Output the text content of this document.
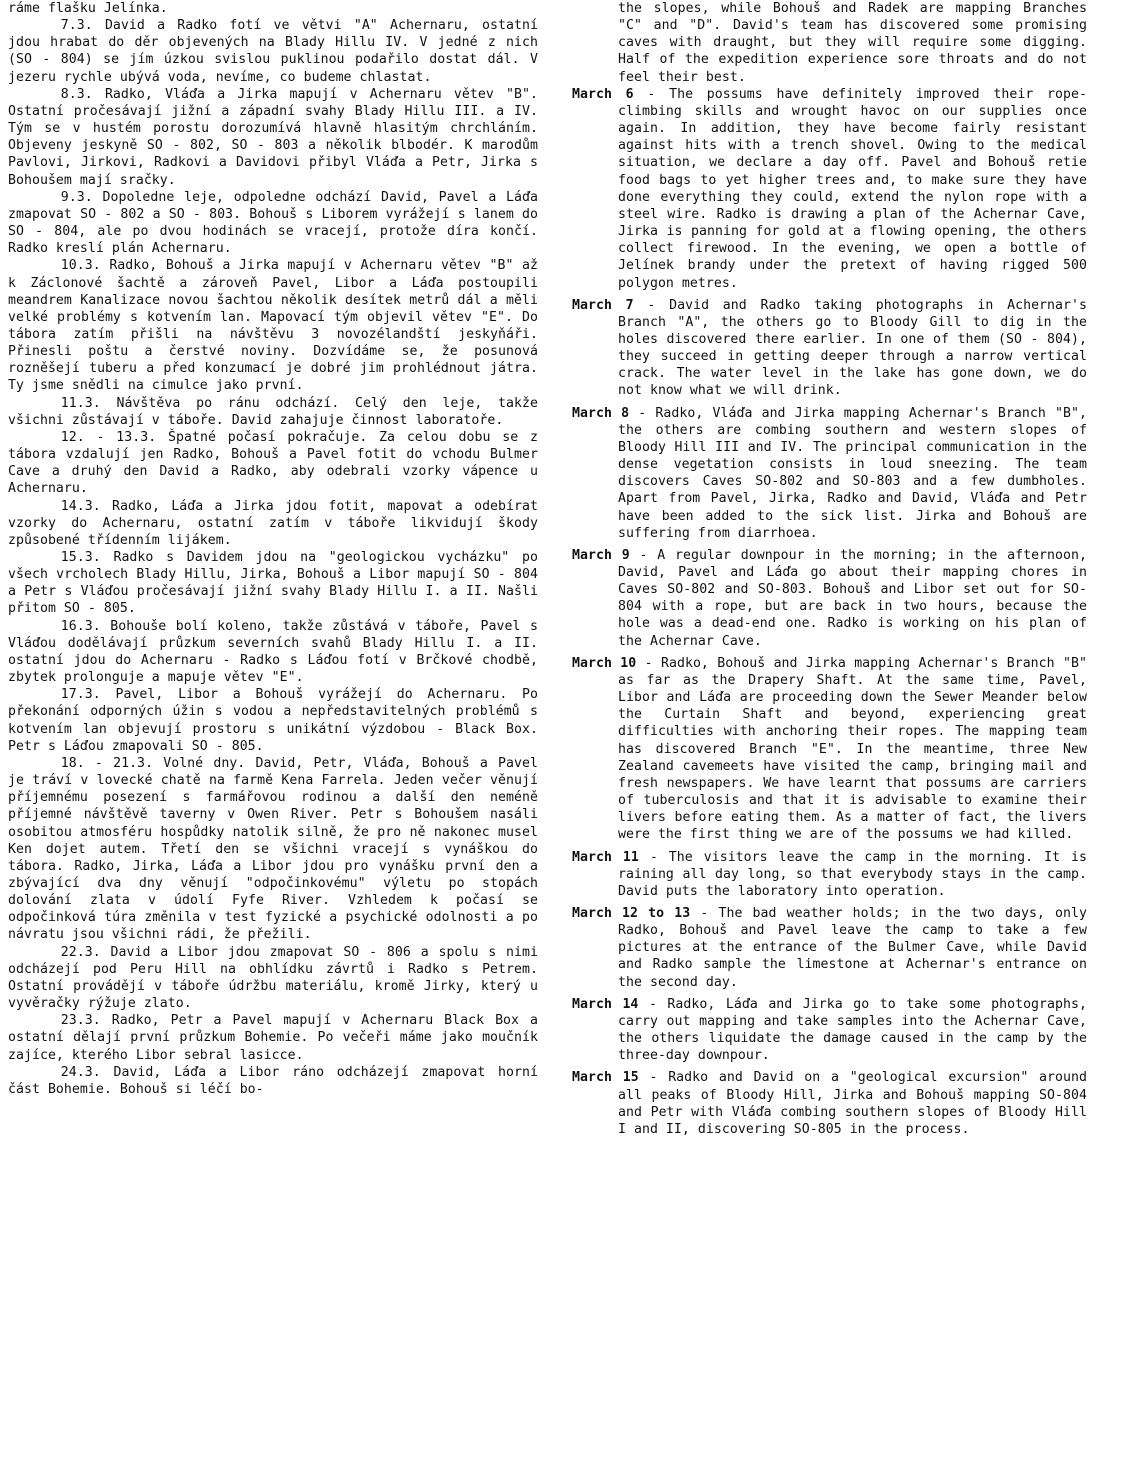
ráme flašku Jelínka.

7.3. David a Radko fotí ve větvi "A" Achernaru, ostatní jdou hrabat do děr objevených na Blady Hillu IV. V jedné z nich (SO - 804) se jím úzkou svislou puklinou podařilo dostat dál. V jezeru rychle ubývá voda, nevíme, co budeme chlastat.

8.3. Radko, Vláďa a Jirka mapují v Achernaru větev "B". Ostatní pročesávají jižní a západní svahy Blady Hillu III. a IV. Tým se v hustém porostu dorozumívá hlavně hlasitým chrchláním. Objeveny jeskyně SO - 802, SO - 803 a několik blbodér. K marodům Pavlovi, Jirkovi, Radkovi a Davidovi přibyl Vláďa a Petr, Jirka s Bohoušem mají sračky.

9.3. Dopoledne leje, odpoledne odchází David, Pavel a Láďa zmapovat SO - 802 a SO - 803. Bohouš s Liborem vyrážejí s lanem do SO - 804, ale po dvou hodinách se vracejí, protože díra končí. Radko kreslí plán Achernaru.

10.3. Radko, Bohouš a Jirka mapují v Achernaru větev "B" až k Záclonové šachtě a zároveň Pavel, Libor a Láďa postoupili meandrem Kanalizace novou šachtou několik desítek metrů dál a měli velké problémy s kotvením lan. Mapovací tým objevil větev "E". Do tábora zatím přišli na návštěvu 3 novozélandští jeskyňáři. Přinesli poštu a čerstvé noviny. Dozvídáme se, že posunová rozněšejí tuberu a před konzumací je dobré jim prohlédnout játra. Ty jsme snědli na cimulce jako první.

11.3. Návštěva po ránu odchází. Celý den leje, takže všichni zůstávají v táboře. David zahajuje činnost laboratoře.

12. - 13.3. Špatné počasí pokračuje. Za celou dobu se z tábora vzdalují jen Radko, Bohouš a Pavel fotit do vchodu Bulmer Cave a druhý den David a Radko, aby odebrali vzorky vápence u Achernaru.

14.3. Radko, Láďa a Jirka jdou fotit, mapovat a odebírat vzorky do Achernaru, ostatní zatím v táboře likvidují škody způsobené třídenním lijákem.

15.3. Radko s Davidem jdou na "geologickou vycházku" po všech vrcholech Blady Hillu, Jirka, Bohouš a Libor mapují SO - 804 a Petr s Vláďou pročesávají jižní svahy Blady Hillu I. a II. Našli přitom SO - 805.

16.3. Bohouše bolí koleno, takže zůstává v táboře, Pavel s Vláďou dodělávají průzkum severních svahů Blady Hillu I. a II. ostatní jdou do Achernaru - Radko s Láďou fotí v Brčkové chodbě, zbytek prolonguje a mapuje větev "E".

17.3. Pavel, Libor a Bohouš vyrážejí do Achernaru. Po překonání odporných úžin s vodou a nepředstavitelných problémů s kotvením lan objevují prostoru s unikátní výzdobou - Black Box. Petr s Láďou zmapovali SO - 805.

18. - 21.3. Volné dny. David, Petr, Vláďa, Bohouš a Pavel je tráví v lovecké chatě na farmě Kena Farrela. Jeden večer věnují příjemnému posezení s farmářovou rodinou a další den neméně příjemné návštěvě taverny v Owen River. Petr s Bohoušem nasáli osobitou atmosféru hospůdky natolik silně, že pro ně nakonec musel Ken dojet autem. Třetí den se všichni vracejí s vynáškou do tábora. Radko, Jirka, Láďa a Libor jdou pro vynášku první den a zbývající dva dny věnují "odpočinkovému" výletu po stopách dolování zlata v údolí Fyfe River. Vzhledem k počasí se odpočinková túra změnila v test fyzické a psychické odolnosti a po návratu jsou všichni rádi, že přežili.

22.3. David a Libor jdou zmapovat SO - 806 a spolu s nimi odcházejí pod Peru Hill na obhlídku závrtů i Radko s Petrem. Ostatní provádějí v táboře údržbu materiálu, kromě Jirky, který u vyvěračky rýžuje zlato.

23.3. Radko, Petr a Pavel mapují v Achernaru Black Box a ostatní dělají první průzkum Bohemie. Po večeři máme jako moučník zajíce, kterého Libor sebral lasicce.

24.3. David, Láďa a Libor ráno odcházejí zmapovat horní část Bohemie. Bohouš si léčí bo-

the slopes, while Bohouš and Radek are mapping Branches "C" and "D". David's team has discovered some promising caves with draught, but they will require some digging. Half of the expedition experience sore throats and do not feel their best.

March 6 - The possums have definitely improved their rope-climbing skills and wrought havoc on our supplies once again. In addition, they have become fairly resistant against hits with a trench shovel. Owing to the medical situation, we declare a day off. Pavel and Bohouš retie food bags to yet higher trees and, to make sure they have done everything they could, extend the nylon rope with a steel wire. Radko is drawing a plan of the Achernar Cave, Jirka is panning for gold at a flowing opening, the others collect firewood. In the evening, we open a bottle of Jelínek brandy under the pretext of having rigged 500 polygon metres.

March 7 - David and Radko taking photographs in Achernar's Branch "A", the others go to Bloody Gill to dig in the holes discovered there earlier. In one of them (SO - 804), they succeed in getting deeper through a narrow vertical crack. The water level in the lake has gone down, we do not know what we will drink.

March 8 - Radko, Vláďa and Jirka mapping Achernar's Branch "B", the others are combing southern and western slopes of Bloody Hill III and IV. The principal communication in the dense vegetation consists in loud sneezing. The team discovers Caves SO-802 and SO-803 and a few dumbholes. Apart from Pavel, Jirka, Radko and David, Vláďa and Petr have been added to the sick list. Jirka and Bohouš are suffering from diarrhoea.

March 9 - A regular downpour in the morning; in the afternoon, David, Pavel and Láďa go about their mapping chores in Caves SO-802 and SO-803. Bohouš and Libor set out for SO-804 with a rope, but are back in two hours, because the hole was a dead-end one. Radko is working on his plan of the Achernar Cave.

March 10 - Radko, Bohouš and Jirka mapping Achernar's Branch "B" as far as the Drapery Shaft. At the same time, Pavel, Libor and Láďa are proceeding down the Sewer Meander below the Curtain Shaft and beyond, experiencing great difficulties with anchoring their ropes. The mapping team has discovered Branch "E". In the meantime, three New Zealand cavemeets have visited the camp, bringing mail and fresh newspapers. We have learnt that possums are carriers of tuberculosis and that it is advisable to examine their livers before eating them. As a matter of fact, the livers were the first thing we are of the possums we had killed.

March 11 - The visitors leave the camp in the morning. It is raining all day long, so that everybody stays in the camp. David puts the laboratory into operation.

March 12 to 13 - The bad weather holds; in the two days, only Radko, Bohouš and Pavel leave the camp to take a few pictures at the entrance of the Bulmer Cave, while David and Radko sample the limestone at Achernar's entrance on the second day.

March 14 - Radko, Láďa and Jirka go to take some photographs, carry out mapping and take samples into the Achernar Cave, the others liquidate the damage caused in the camp by the three-day downpour.

March 15 - Radko and David on a "geological excursion" around all peaks of Bloody Hill, Jirka and Bohouš mapping SO-804 and Petr with Vláďa combing southern slopes of Bloody Hill I and II, discovering SO-805 in the process.
